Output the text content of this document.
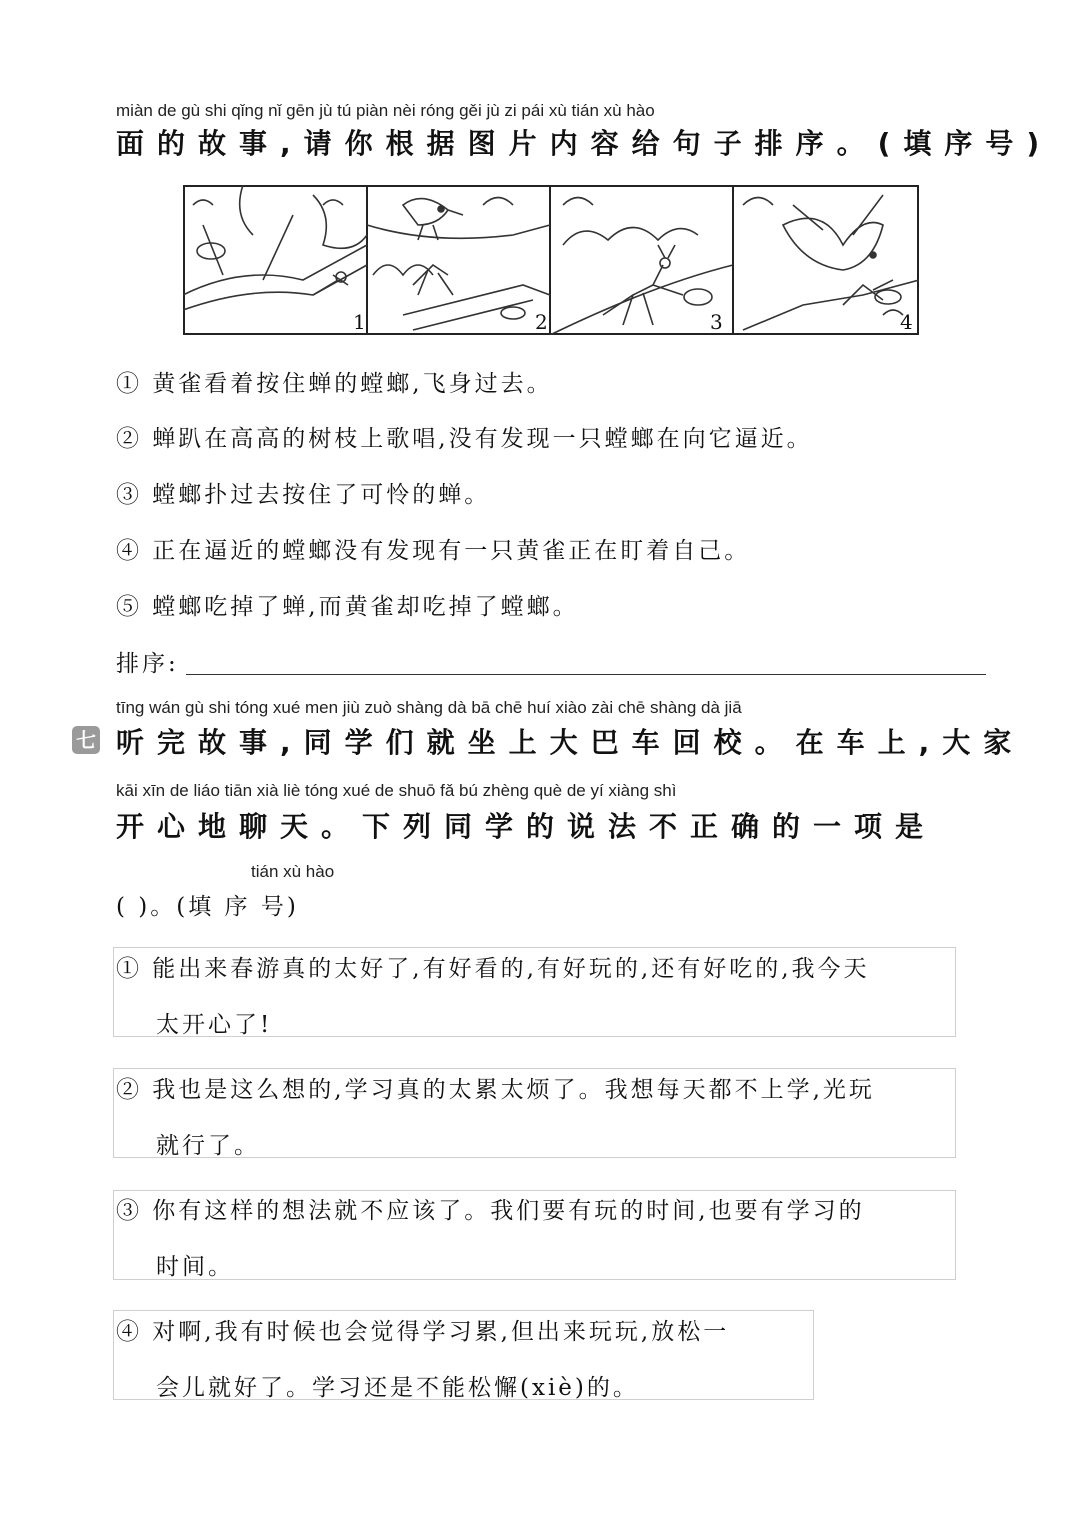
miàn de gù shi qǐng nǐ gēn jù tú piàn nèi róng gěi jù zi pái xù tián xù hào
面的故事,请你根据图片内容给句子排序。(填序号)
1	2	3	4
① 黄雀看着按住蝉的螳螂,飞身过去。
② 蝉趴在高高的树枝上歌唱,没有发现一只螳螂在向它逼近。
③ 螳螂扑过去按住了可怜的蝉。
④ 正在逼近的螳螂没有发现有一只黄雀正在盯着自己。
⑤ 螳螂吃掉了蝉,而黄雀却吃掉了螳螂。
排序:
tīng wán gù shi tóng xué men jiù zuò shàng dà bā chē huí xiào zài chē shàng dà jiā
七 听完故事,同学们就坐上大巴车回校。在车上,大家
kāi xīn de liáo tiān xià liè tóng xué de shuō fǎ bú zhèng què de yí xiàng shì
开心地聊天。下列同学的说法不正确的一项是
tián xù hào
( )。(填 序 号)
① 能出来春游真的太好了,有好看的,有好玩的,还有好吃的,我今天
太开心了!
② 我也是这么想的,学习真的太累太烦了。我想每天都不上学,光玩
就行了。
③ 你有这样的想法就不应该了。我们要有玩的时间,也要有学习的
时间。
④ 对啊,我有时候也会觉得学习累,但出来玩玩,放松一
会儿就好了。学习还是不能松懈(xiè)的。
